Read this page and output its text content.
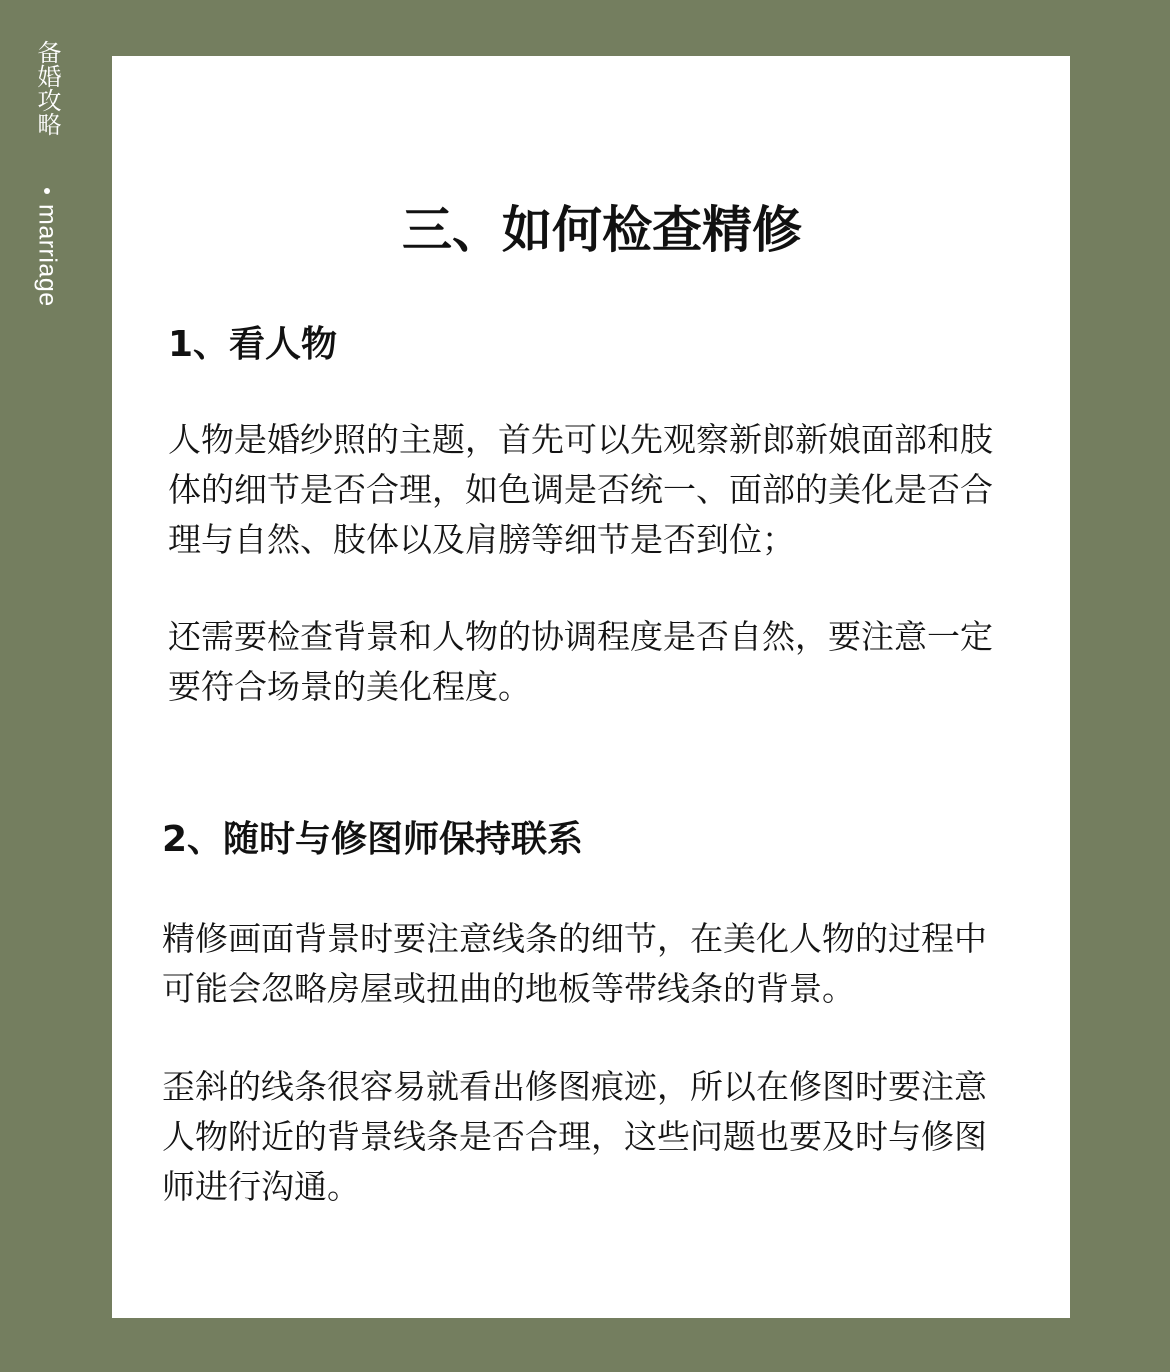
备婚攻略
marriage	三、如何检查精修
1、看人物

人物是婚纱照的主题，首先可以先观察新郎新娘面部和肢体的细节是否合理，如色调是否统一、面部的美化是否合理与自然、肢体以及肩膀等细节是否到位；

还需要检查背景和人物的协调程度是否自然，要注意一定要符合场景的美化程度。

2、随时与修图师保持联系

精修画面背景时要注意线条的细节，在美化人物的过程中可能会忽略房屋或扭曲的地板等带线条的背景。

歪斜的线条很容易就看出修图痕迹，所以在修图时要注意人物附近的背景线条是否合理，这些问题也要及时与修图师进行沟通。
